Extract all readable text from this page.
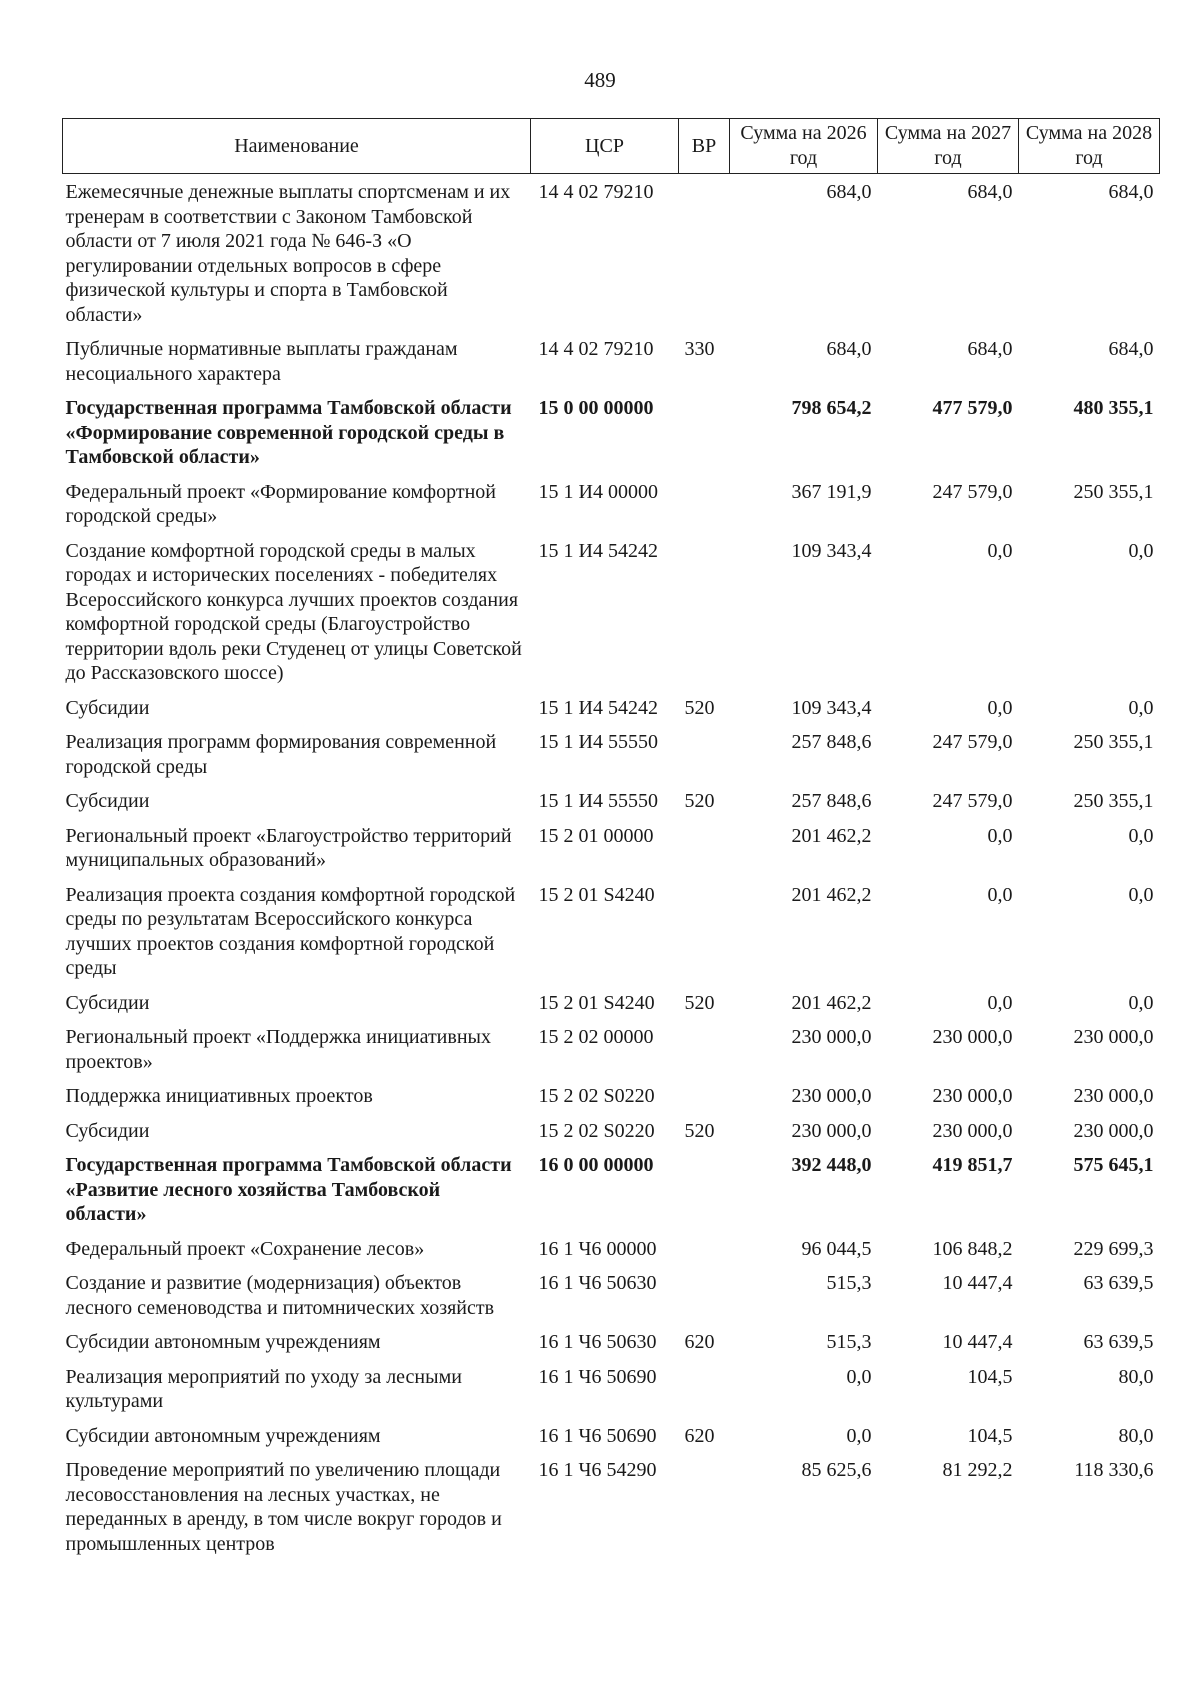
489
Наименование	ЦСР	ВР	Сумма на 2026 год	Сумма на 2027 год	Сумма на 2028 год
Ежемесячные денежные выплаты спортсменам и их тренерам в соответствии с Законом Тамбовской области от 7 июля 2021 года № 646-З «О регулировании отдельных вопросов в сфере физической культуры и спорта в Тамбовской области»	14 4 02 79210		684,0	684,0	684,0
Публичные нормативные выплаты гражданам несоциального характера	14 4 02 79210	330	684,0	684,0	684,0
Государственная программа Тамбовской области «Формирование современной городской среды в Тамбовской области»	15 0 00 00000		798 654,2	477 579,0	480 355,1
Федеральный проект «Формирование комфортной городской среды»	15 1 И4 00000		367 191,9	247 579,0	250 355,1
Создание комфортной городской среды в малых городах и исторических поселениях - победителях Всероссийского конкурса лучших проектов создания комфортной городской среды (Благоустройство территории вдоль реки Студенец от улицы Советской до Рассказовского шоссе)	15 1 И4 54242		109 343,4	0,0	0,0
Субсидии	15 1 И4 54242	520	109 343,4	0,0	0,0
Реализация программ формирования современной городской среды	15 1 И4 55550		257 848,6	247 579,0	250 355,1
Субсидии	15 1 И4 55550	520	257 848,6	247 579,0	250 355,1
Региональный проект «Благоустройство территорий муниципальных образований»	15 2 01 00000		201 462,2	0,0	0,0
Реализация проекта создания комфортной городской среды по результатам Всероссийского конкурса лучших проектов создания комфортной городской среды	15 2 01 S4240		201 462,2	0,0	0,0
Субсидии	15 2 01 S4240	520	201 462,2	0,0	0,0
Региональный проект «Поддержка инициативных проектов»	15 2 02 00000		230 000,0	230 000,0	230 000,0
Поддержка инициативных проектов	15 2 02 S0220		230 000,0	230 000,0	230 000,0
Субсидии	15 2 02 S0220	520	230 000,0	230 000,0	230 000,0
Государственная программа Тамбовской области «Развитие лесного хозяйства Тамбовской области»	16 0 00 00000		392 448,0	419 851,7	575 645,1
Федеральный проект «Сохранение лесов»	16 1 Ч6 00000		96 044,5	106 848,2	229 699,3
Создание и развитие (модернизация) объектов лесного семеноводства и питомнических хозяйств	16 1 Ч6 50630		515,3	10 447,4	63 639,5
Субсидии автономным учреждениям	16 1 Ч6 50630	620	515,3	10 447,4	63 639,5
Реализация мероприятий по уходу за лесными культурами	16 1 Ч6 50690		0,0	104,5	80,0
Субсидии автономным учреждениям	16 1 Ч6 50690	620	0,0	104,5	80,0
Проведение мероприятий по увеличению площади лесовосстановления на лесных участках, не переданных в аренду, в том числе вокруг городов и промышленных центров	16 1 Ч6 54290		85 625,6	81 292,2	118 330,6
